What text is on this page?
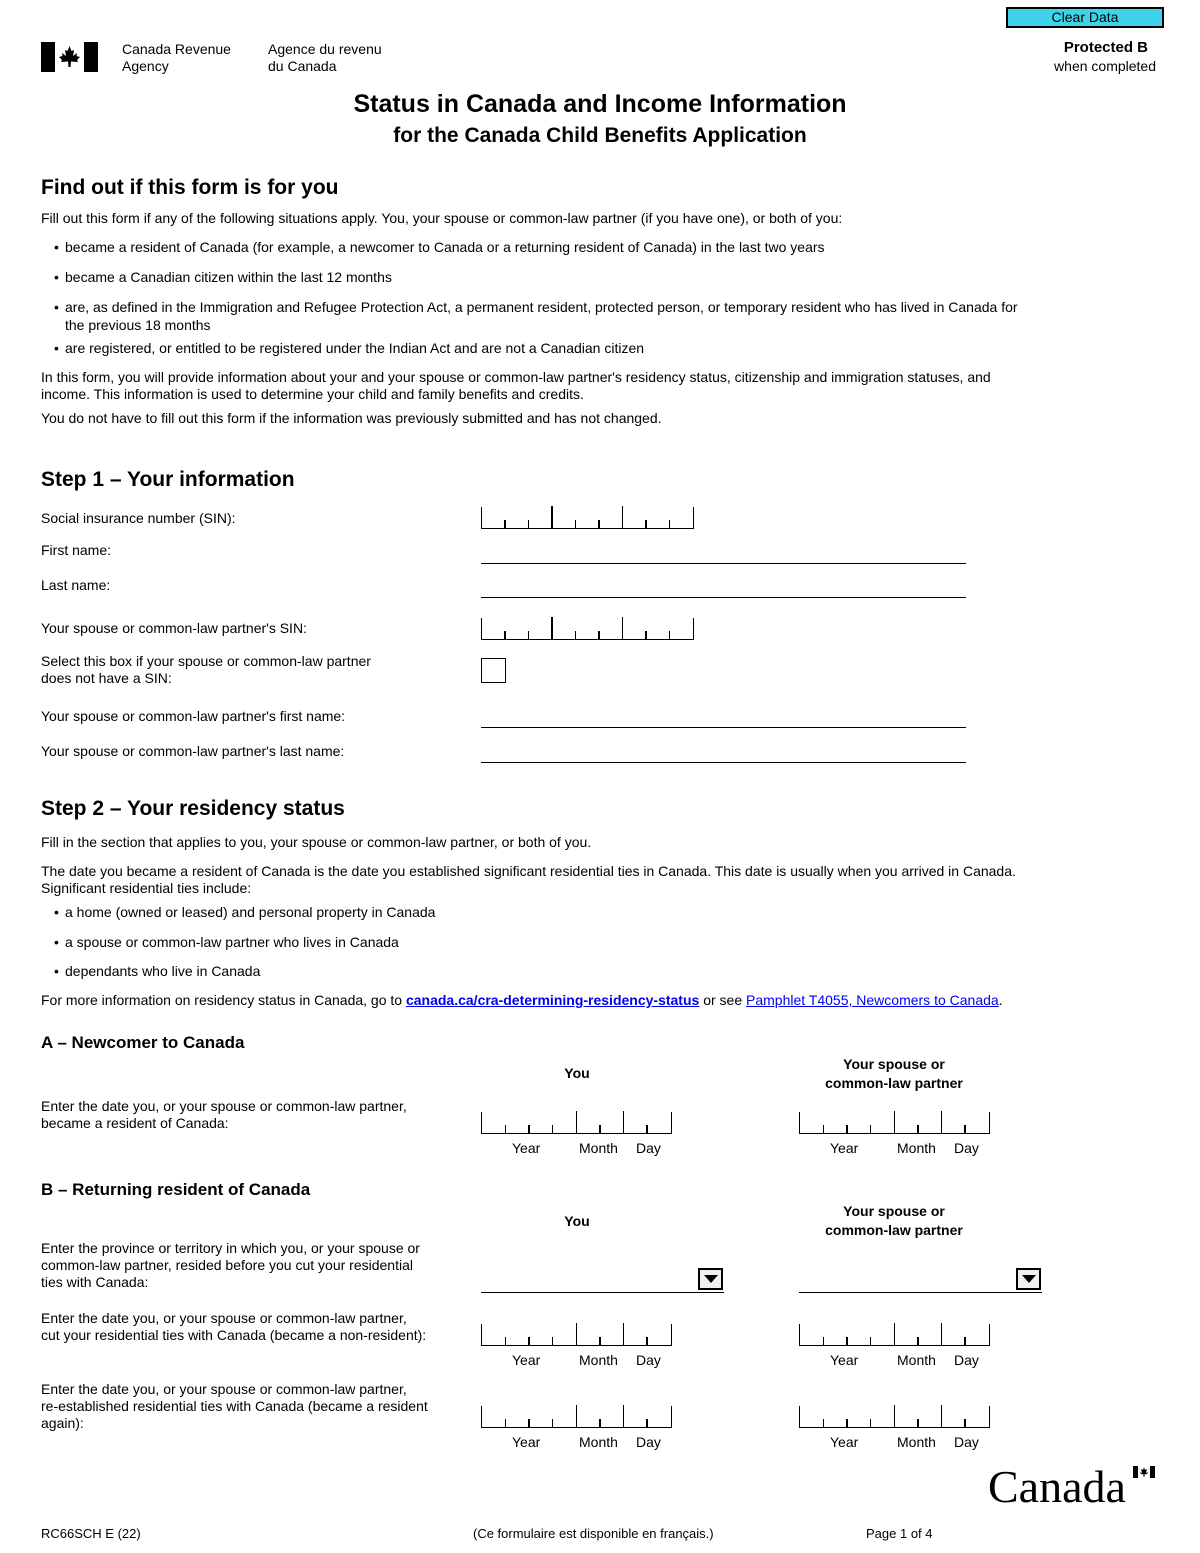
Clear Data
Canada Revenue
Agency
Agence du revenu
du Canada
Protected B
when completed
Status in Canada and Income Information
for the Canada Child Benefits Application
Find out if this form is for you
Fill out this form if any of the following situations apply. You, your spouse or common-law partner (if you have one), or both of you:
• became a resident of Canada (for example, a newcomer to Canada or a returning resident of Canada) in the last two years
• became a Canadian citizen within the last 12 months
• are, as defined in the Immigration and Refugee Protection Act, a permanent resident, protected person, or temporary resident who has lived in Canada for
the previous 18 months
• are registered, or entitled to be registered under the Indian Act and are not a Canadian citizen
In this form, you will provide information about your and your spouse or common-law partner's residency status, citizenship and immigration statuses, and
income. This information is used to determine your child and family benefits and credits.
You do not have to fill out this form if the information was previously submitted and has not changed.
Step 1 – Your information
Social insurance number (SIN):
First name:
Last name:
Your spouse or common-law partner's SIN:
Select this box if your spouse or common-law partner
does not have a SIN:
Your spouse or common-law partner's first name:
Your spouse or common-law partner's last name:
Step 2 – Your residency status
Fill in the section that applies to you, your spouse or common-law partner, or both of you.
The date you became a resident of Canada is the date you established significant residential ties in Canada. This date is usually when you arrived in Canada.
Significant residential ties include:
• a home (owned or leased) and personal property in Canada
• a spouse or common-law partner who lives in Canada
• dependants who live in Canada
For more information on residency status in Canada, go to canada.ca/cra-determining-residency-status or see Pamphlet T4055, Newcomers to Canada.
A – Newcomer to Canada
You
Your spouse or
common-law partner
Enter the date you, or your spouse or common-law partner,
became a resident of Canada:
Year	Month Day	Year	Month Day
B – Returning resident of Canada
You
Your spouse or
common-law partner
Enter the province or territory in which you, or your spouse or
common-law partner, resided before you cut your residential
ties with Canada:
Enter the date you, or your spouse or common-law partner,
cut your residential ties with Canada (became a non-resident):
Year	Month Day	Year	Month Day
Enter the date you, or your spouse or common-law partner,
re-established residential ties with Canada (became a resident
again):
Year	Month Day	Year	Month Day
RC66SCH E (22)	(Ce formulaire est disponible en français.)	Page 1 of 4
Canada
